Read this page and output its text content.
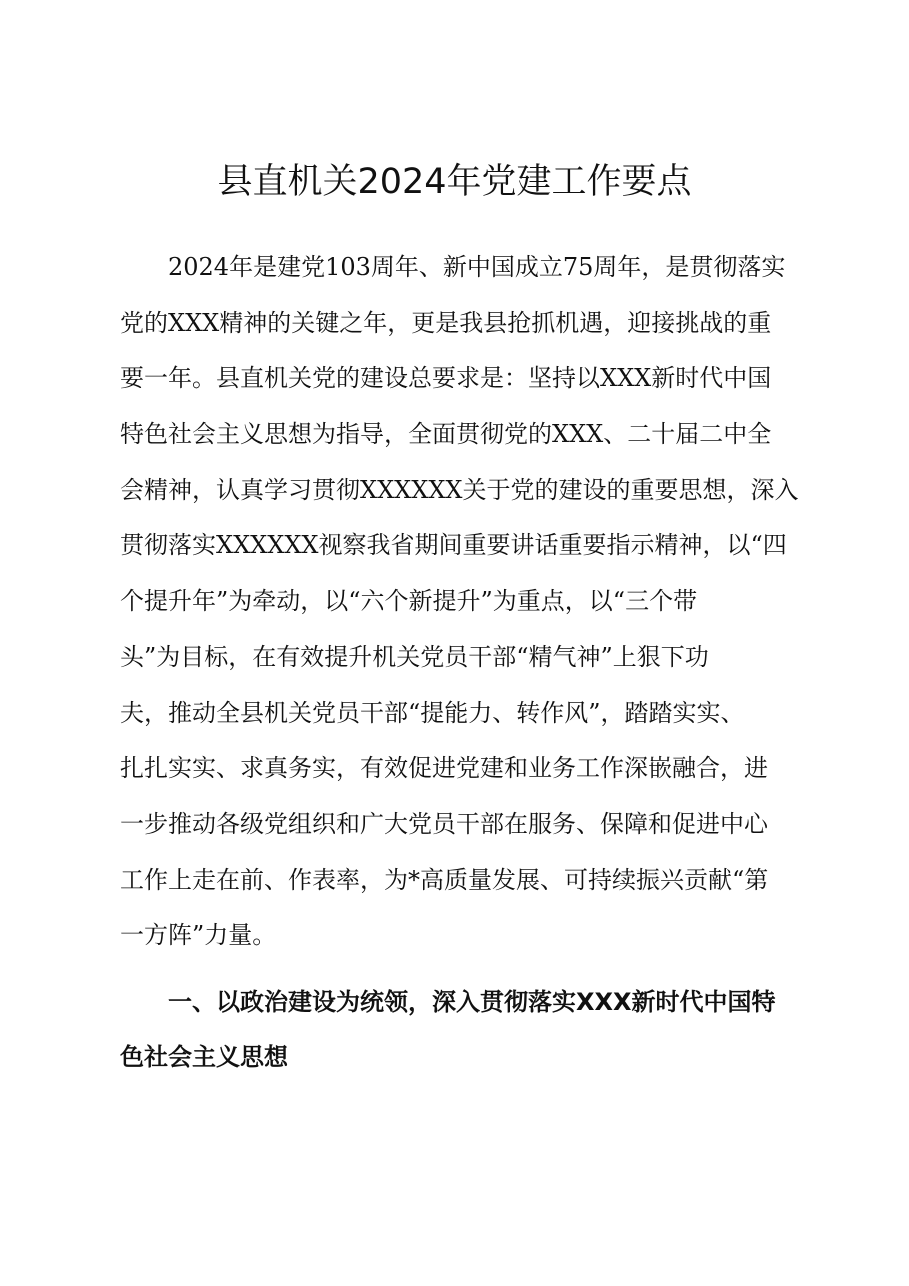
县直机关2024年党建工作要点
　　2024年是建党103周年、新中国成立75周年，是贯彻落实
党的XXX精神的关键之年，更是我县抢抓机遇，迎接挑战的重
要一年。县直机关党的建设总要求是：坚持以XXX新时代中国
特色社会主义思想为指导，全面贯彻党的XXX、二十届二中全
会精神，认真学习贯彻XXXXXX关于党的建设的重要思想，深入
贯彻落实XXXXXX视察我省期间重要讲话重要指示精神，以“四
个提升年”为牵动，以“六个新提升”为重点，以“三个带
头”为目标，在有效提升机关党员干部“精气神”上狠下功
夫，推动全县机关党员干部“提能力、转作风”，踏踏实实、
扎扎实实、求真务实，有效促进党建和业务工作深嵌融合，进
一步推动各级党组织和广大党员干部在服务、保障和促进中心
工作上走在前、作表率，为*高质量发展、可持续振兴贡献“第
一方阵”力量。
　　一、以政治建设为统领，深入贯彻落实XXX新时代中国特
色社会主义思想
